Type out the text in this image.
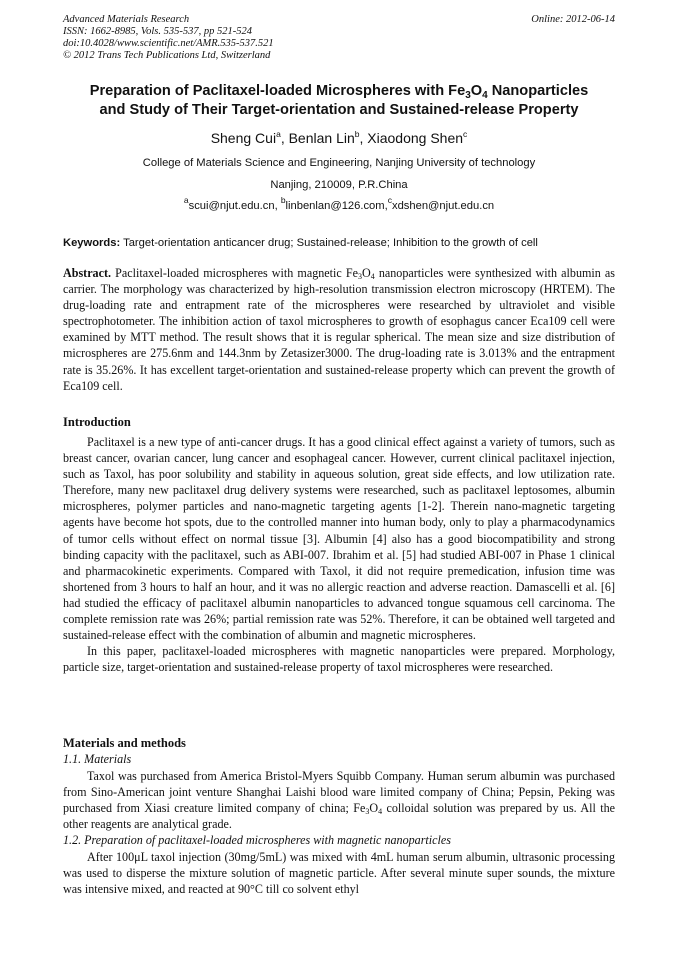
Advanced Materials Research
ISSN: 1662-8985, Vols. 535-537, pp 521-524
doi:10.4028/www.scientific.net/AMR.535-537.521
© 2012 Trans Tech Publications Ltd, Switzerland
Online: 2012-06-14
Preparation of Paclitaxel-loaded Microspheres with $Fe_3O_4$ Nanoparticles
and Study of Their Target-orientation and Sustained-release Property
Sheng Cui$^a$, Benlan Lin$^b$, Xiaodong Shen$^c$
College of Materials Science and Engineering, Nanjing University of technology
Nanjing, 210009, P.R.China
$^a$scui@njut.edu.cn, $^b$linbenlan@126.com,$^c$xdshen@njut.edu.cn
Keywords: Target-orientation anticancer drug; Sustained-release; Inhibition to the growth of cell

Abstract. Paclitaxel-loaded microspheres with magnetic $Fe_3O_4$ nanoparticles were synthesized with albumin as carrier. The morphology was characterized by high-resolution transmission electron microscopy (HRTEM). The drug-loading rate and entrapment rate of the microspheres were researched by ultraviolet and visible spectrophotometer. The inhibition action of taxol microspheres to growth of esophagus cancer Eca109 cell were examined by MTT method. The result shows that it is regular spherical. The mean size and size distribution of microspheres are 275.6nm and 144.3nm by Zetasizer3000. The drug-loading rate is 3.013% and the entrapment rate is 35.26%. It has excellent target-orientation and sustained-release property which can prevent the growth of Eca109 cell.

Introduction

Paclitaxel is a new type of anti-cancer drugs. It has a good clinical effect against a variety of tumors, such as breast cancer, ovarian cancer, lung cancer and esophageal cancer. However, current clinical paclitaxel injection, such as Taxol, has poor solubility and stability in aqueous solution, great side effects, and low utilization rate. Therefore, many new paclitaxel drug delivery systems were researched, such as paclitaxel leptosomes, albumin microspheres, polymer particles and nano-magnetic targeting agents [1-2]. Therein nano-magnetic targeting agents have become hot spots, due to the controlled manner into human body, only to play a pharmacodynamics of tumor cells without effect on normal tissue [3]. Albumin [4] also has a good biocompatibility and strong binding capacity with the paclitaxel, such as ABI-007. Ibrahim et al. [5] had studied ABI-007 in Phase 1 clinical and pharmacokinetic experiments. Compared with Taxol, it did not require premedication, infusion time was shortened from 3 hours to half an hour, and it was no allergic reaction and adverse reaction. Damascelli et al. [6] had studied the efficacy of paclitaxel albumin nanoparticles to advanced tongue squamous cell carcinoma. The complete remission rate was 26%; partial remission rate was 52%. Therefore, it can be obtained well targeted and sustained-release effect with the combination of albumin and magnetic microspheres.

In this paper, paclitaxel-loaded microspheres with magnetic nanoparticles were prepared. Morphology, particle size, target-orientation and sustained-release property of taxol microspheres were researched.

Materials and methods
1.1. Materials

Taxol was purchased from America Bristol-Myers Squibb Company. Human serum albumin was purchased from Sino-American joint venture Shanghai Laishi blood ware limited company of China; Pepsin, Peking was purchased from Xiasi creature limited company of china; $Fe_3O_4$ colloidal solution was prepared by us. All the other reagents are analytical grade.

1.2. Preparation of paclitaxel-loaded microspheres with magnetic nanoparticles

After 100μL taxol injection (30mg/5mL) was mixed with 4mL human serum albumin, ultrasonic processing was used to disperse the mixture solution of magnetic particle. After several minute super sounds, the mixture was intensive mixed, and reacted at 90°C till co solvent ethyl
